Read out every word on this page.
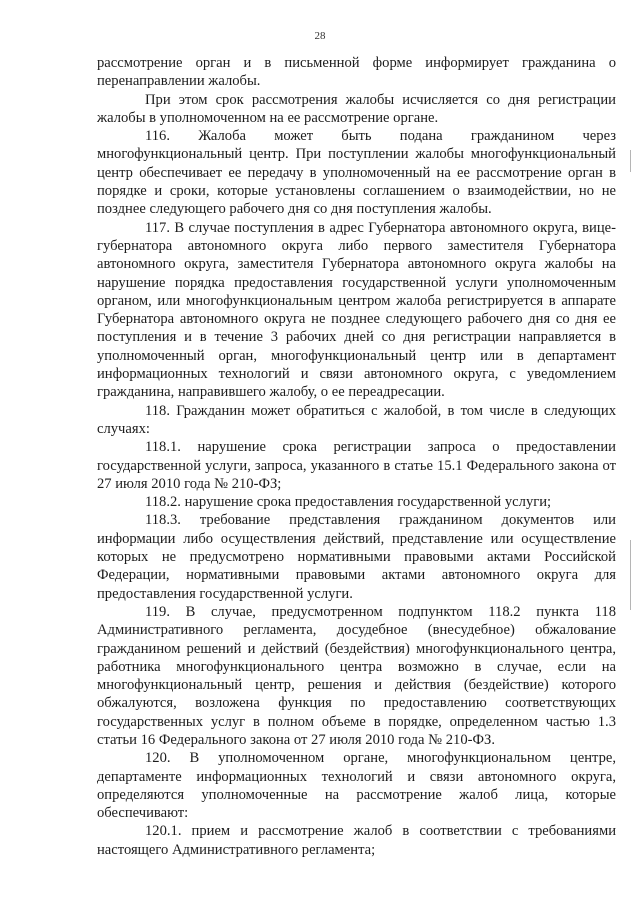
28

рассмотрение орган и в письменной форме информирует гражданина о перенаправлении жалобы.

При этом срок рассмотрения жалобы исчисляется со дня регистрации жалобы в уполномоченном на ее рассмотрение органе.

116. Жалоба может быть подана гражданином через многофункциональный центр. При поступлении жалобы многофункциональный центр обеспечивает ее передачу в уполномоченный на ее рассмотрение орган в порядке и сроки, которые установлены соглашением о взаимодействии, но не позднее следующего рабочего дня со дня поступления жалобы.

117. В случае поступления в адрес Губернатора автономного округа, вице-губернатора автономного округа либо первого заместителя Губернатора автономного округа, заместителя Губернатора автономного округа жалобы на нарушение порядка предоставления государственной услуги уполномоченным органом, или многофункциональным центром жалоба регистрируется в аппарате Губернатора автономного округа не позднее следующего рабочего дня со дня ее поступления и в течение 3 рабочих дней со дня регистрации направляется в уполномоченный орган, многофункциональный центр или в департамент информационных технологий и связи автономного округа, с уведомлением гражданина, направившего жалобу, о ее переадресации.

118. Гражданин может обратиться с жалобой, в том числе в следующих случаях:

118.1. нарушение срока регистрации запроса о предоставлении государственной услуги, запроса, указанного в статье 15.1 Федерального закона от 27 июля 2010 года № 210-ФЗ;

118.2. нарушение срока предоставления государственной услуги;

118.3. требование представления гражданином документов или информации либо осуществления действий, представление или осуществление которых не предусмотрено нормативными правовыми актами Российской Федерации, нормативными правовыми актами автономного округа для предоставления государственной услуги.

119. В случае, предусмотренном подпунктом 118.2 пункта 118 Административного регламента, досудебное (внесудебное) обжалование гражданином решений и действий (бездействия) многофункционального центра, работника многофункционального центра возможно в случае, если на многофункциональный центр, решения и действия (бездействие) которого обжалуются, возложена функция по предоставлению соответствующих государственных услуг в полном объеме в порядке, определенном частью 1.3 статьи 16 Федерального закона от 27 июля 2010 года № 210-ФЗ.

120. В уполномоченном органе, многофункциональном центре, департаменте информационных технологий и связи автономного округа, определяются уполномоченные на рассмотрение жалоб лица, которые обеспечивают:

120.1. прием и рассмотрение жалоб в соответствии с требованиями настоящего Административного регламента;
